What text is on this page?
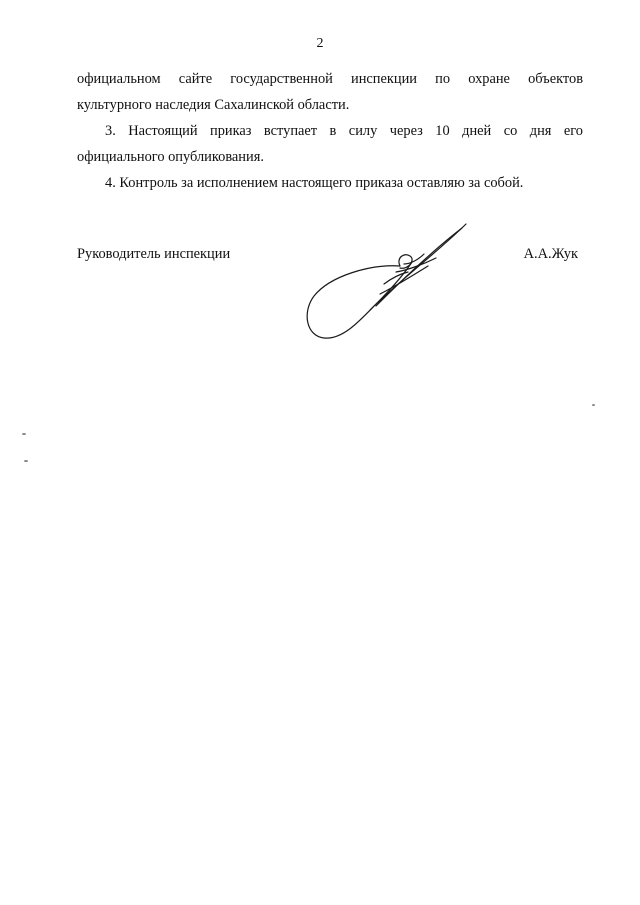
2
официальном сайте государственной инспекции по охране объектов
культурного наследия Сахалинской области.
3. Настоящий приказ вступает в силу через 10 дней со дня его
официального опубликования.
4. Контроль за исполнением настоящего приказа оставляю за собой.
Руководитель инспекции	А.А.Жук
